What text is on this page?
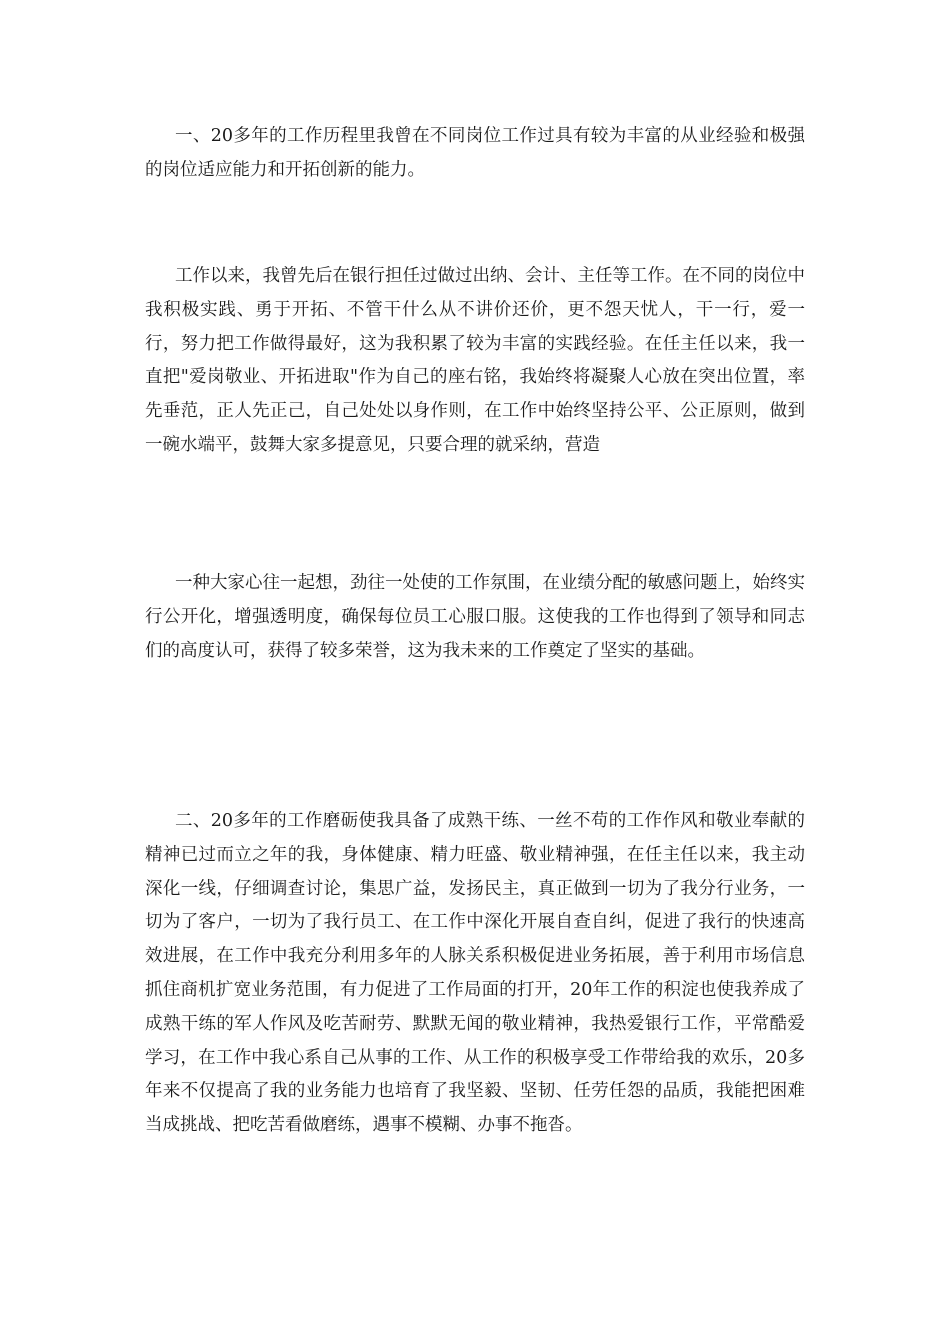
一、20多年的工作历程里我曾在不同岗位工作过具有较为丰富的从业经验和极强的岗位适应能力和开拓创新的能力。

工作以来，我曾先后在银行担任过做过出纳、会计、主任等工作。在不同的岗位中我积极实践、勇于开拓、不管干什么从不讲价还价，更不怨天忧人，干一行，爱一行，努力把工作做得最好，这为我积累了较为丰富的实践经验。在任主任以来，我一直把"爱岗敬业、开拓进取"作为自己的座右铭，我始终将凝聚人心放在突出位置，率先垂范，正人先正己，自己处处以身作则，在工作中始终坚持公平、公正原则，做到一碗水端平，鼓舞大家多提意见，只要合理的就采纳，营造

一种大家心往一起想，劲往一处使的工作氛围，在业绩分配的敏感问题上，始终实行公开化，增强透明度，确保每位员工心服口服。这使我的工作也得到了领导和同志们的高度认可，获得了较多荣誉，这为我未来的工作奠定了坚实的基础。

二、20多年的工作磨砺使我具备了成熟干练、一丝不苟的工作作风和敬业奉献的精神已过而立之年的我，身体健康、精力旺盛、敬业精神强，在任主任以来，我主动深化一线，仔细调查讨论，集思广益，发扬民主，真正做到一切为了我分行业务，一切为了客户，一切为了我行员工、在工作中深化开展自查自纠，促进了我行的快速高效进展，在工作中我充分利用多年的人脉关系积极促进业务拓展，善于利用市场信息抓住商机扩宽业务范围，有力促进了工作局面的打开，20年工作的积淀也使我养成了成熟干练的军人作风及吃苦耐劳、默默无闻的敬业精神，我热爱银行工作，平常酷爱学习，在工作中我心系自己从事的工作、从工作的积极享受工作带给我的欢乐，20多年来不仅提高了我的业务能力也培育了我坚毅、坚韧、任劳任怨的品质，我能把困难当成挑战、把吃苦看做磨练，遇事不模糊、办事不拖沓。
